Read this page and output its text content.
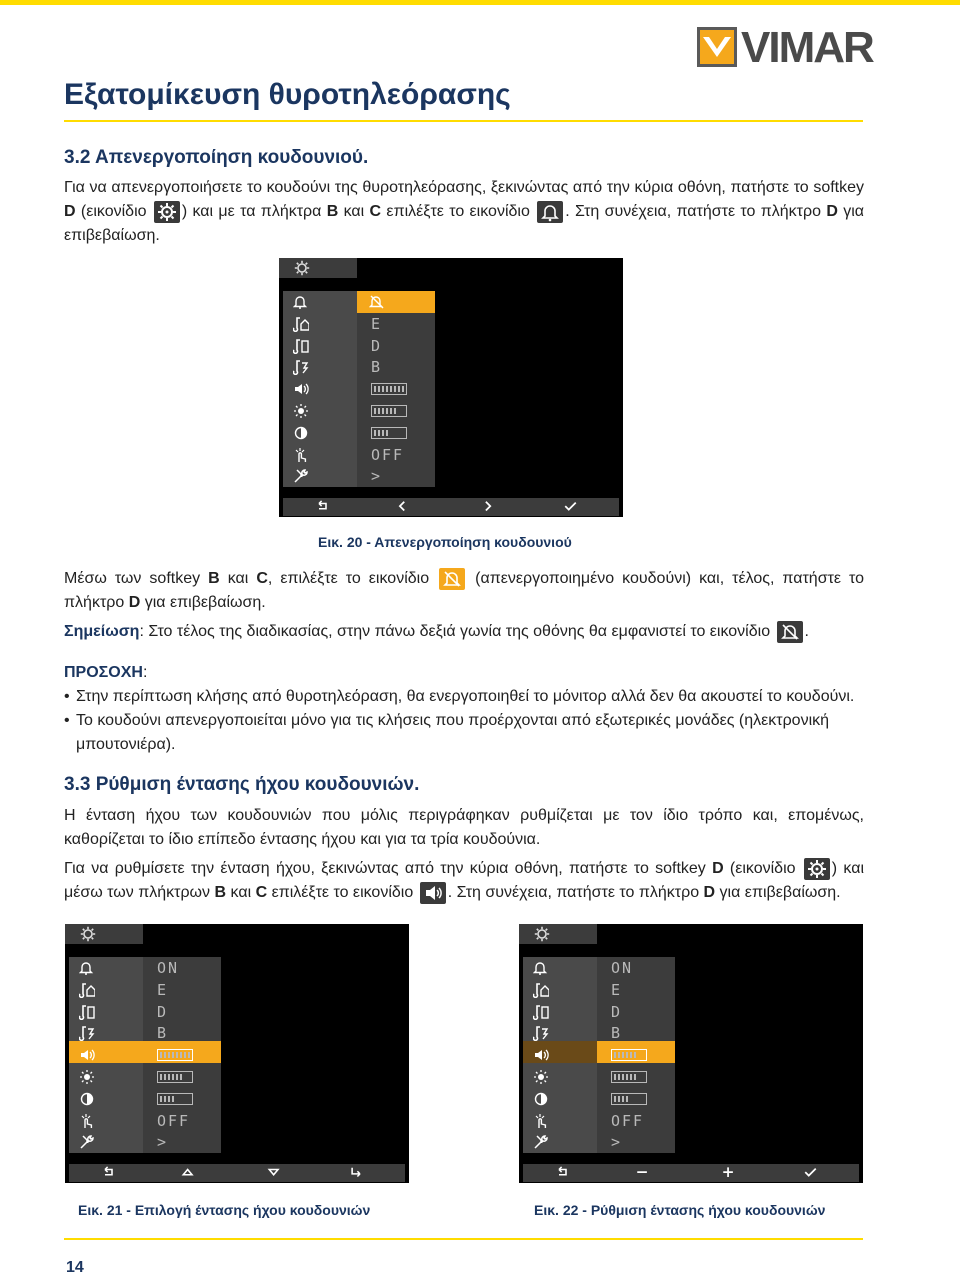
VIMAR
Εξατομίκευση θυροτηλεόρασης
3.2 Απενεργοποίηση κουδουνιού.

Για να απενεργοποιήσετε το κουδούνι της θυροτηλεόρασης, ξεκινώντας από την κύρια οθόνη, πατήστε το softkey D (εικονίδιο
) και με τα πλήκτρα B και C επιλέξτε το εικονίδιο
. Στη συνέχεια, πατήστε το πλήκτρο D για επιβεβαίωση.

E
D
B
OFF
>
Εικ. 20 - Απενεργοποίηση κουδουνιού

Μέσω των softkey B και C, επιλέξτε το εικονίδιο
(απενεργοποιημένο κουδούνι) και, τέλος, πατήστε το πλήκτρο D για επιβεβαίωση.

Σημείωση: Στο τέλος της διαδικασίας, στην πάνω δεξιά γωνία της οθόνης θα εμφανιστεί το εικονίδιο
.

ΠΡΟΣΟΧΗ:

• Στην περίπτωση κλήσης από θυροτηλεόραση, θα ενεργοποιηθεί το μόνιτορ αλλά δεν θα ακουστεί το κουδούνι.
• Το κουδούνι απενεργοποιείται μόνο για τις κλήσεις που προέρχονται από εξωτερικές μονάδες (ηλεκτρονική μπουτονιέρα).
3.3 Ρύθμιση έντασης ήχου κουδουνιών.

Η ένταση ήχου των κουδουνιών που μόλις περιγράφηκαν ρυθμίζεται με τον ίδιο τρόπο και, επομένως, καθορίζεται το ίδιο επίπεδο έντασης ήχου και για τα τρία κουδούνια.

Για να ρυθμίσετε την ένταση ήχου, ξεκινώντας από την κύρια οθόνη, πατήστε το softkey D (εικονίδιο
) και μέσω των πλήκτρων B και C επιλέξτε το εικονίδιο
. Στη συνέχεια, πατήστε το πλήκτρο D για επιβεβαίωση.

ON
E
D
B
OFF
>
ON
E
D
B
OFF
>
Εικ. 21 - Επιλογή έντασης ήχου κουδουνιών	Εικ. 22 - Ρύθμιση έντασης ήχου κουδουνιών
14
